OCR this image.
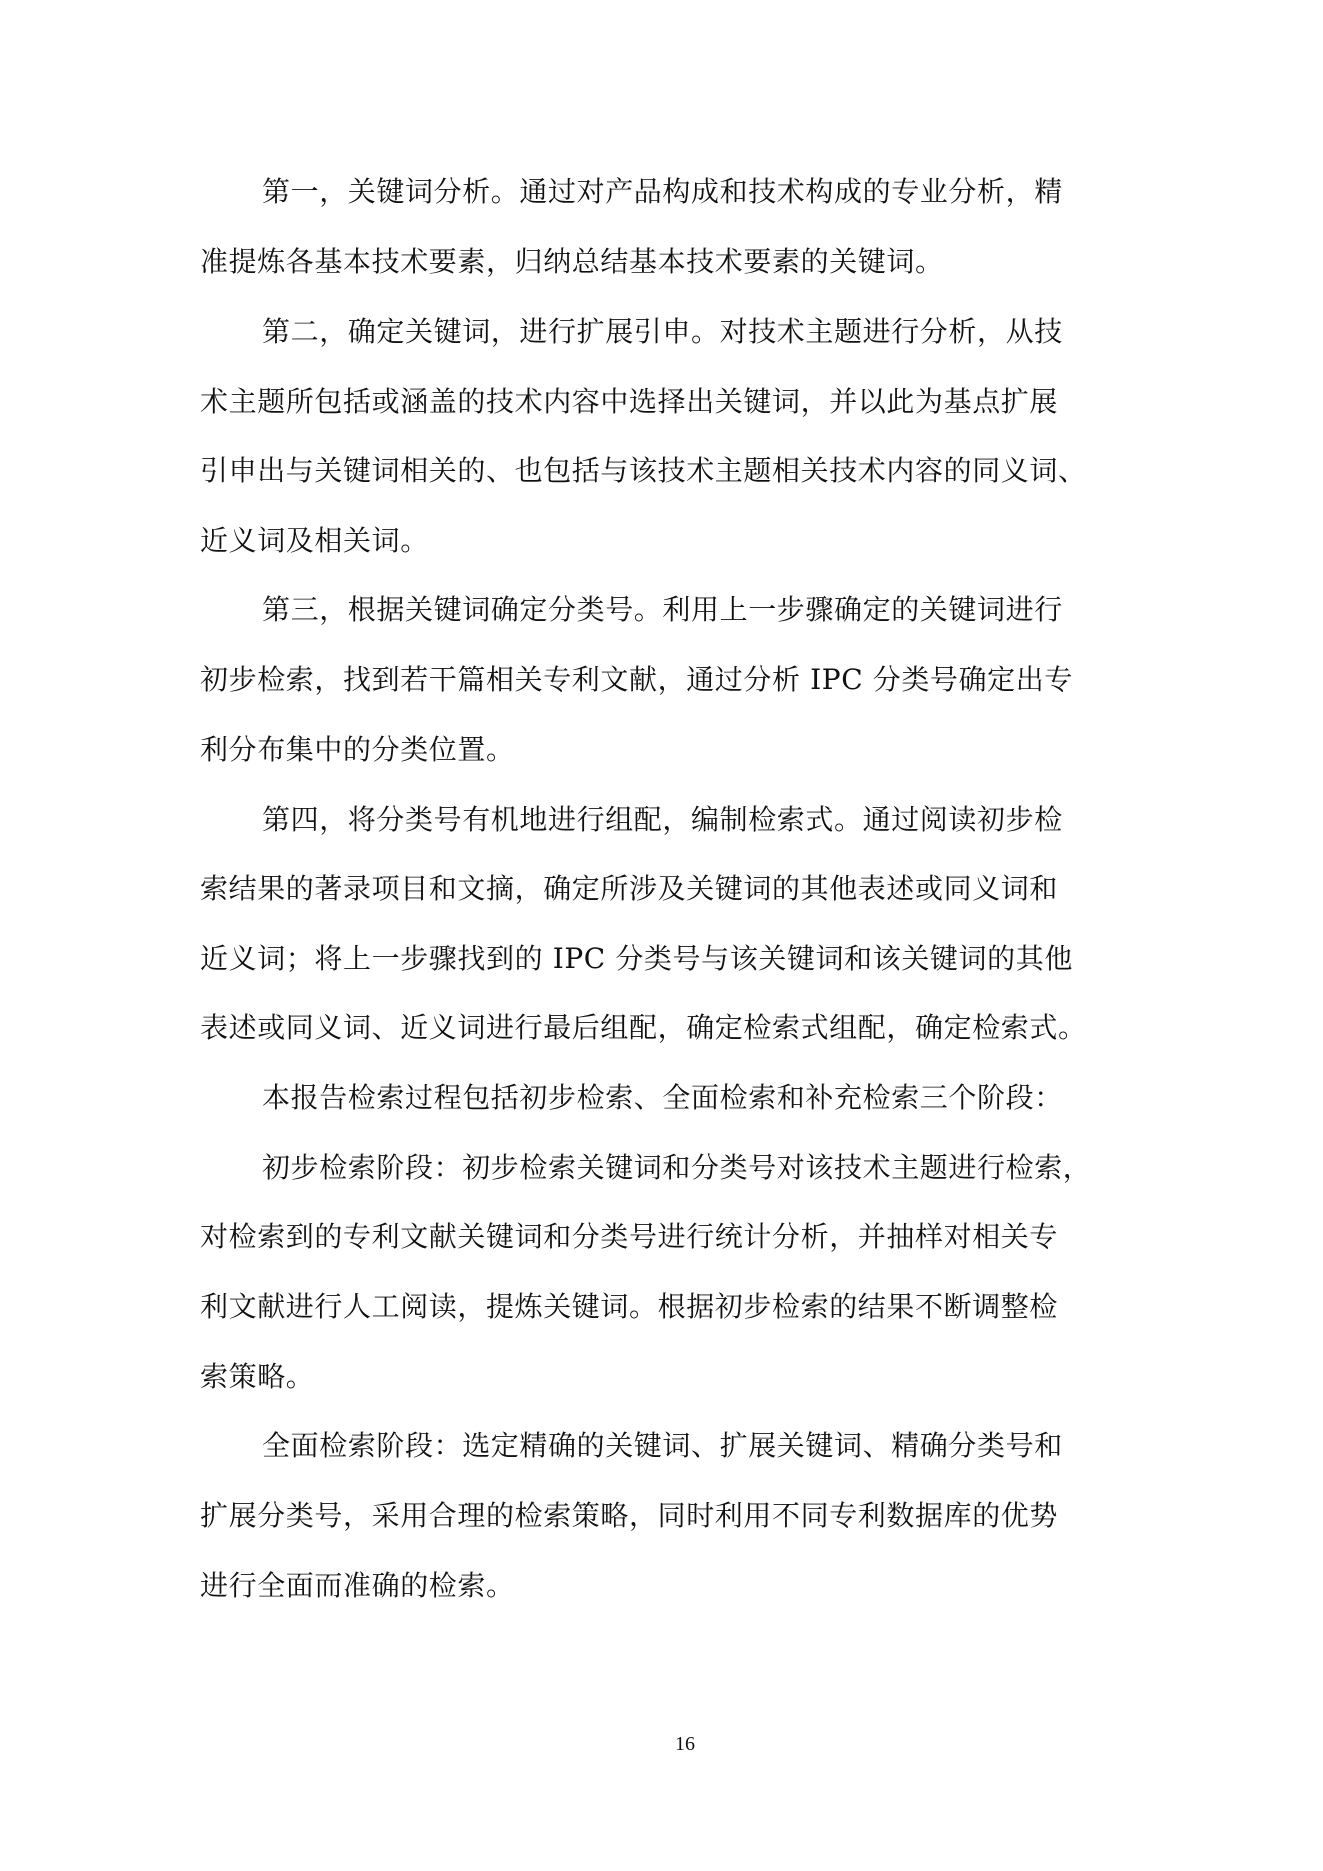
第一，关键词分析。通过对产品构成和技术构成的专业分析，精
准提炼各基本技术要素，归纳总结基本技术要素的关键词。
第二，确定关键词，进行扩展引申。对技术主题进行分析，从技
术主题所包括或涵盖的技术内容中选择出关键词，并以此为基点扩展
引申出与关键词相关的、也包括与该技术主题相关技术内容的同义词、
近义词及相关词。
第三，根据关键词确定分类号。利用上一步骤确定的关键词进行
初步检索，找到若干篇相关专利文献，通过分析 IPC 分类号确定出专
利分布集中的分类位置。
第四，将分类号有机地进行组配，编制检索式。通过阅读初步检
索结果的著录项目和文摘，确定所涉及关键词的其他表述或同义词和
近义词；将上一步骤找到的 IPC 分类号与该关键词和该关键词的其他
表述或同义词、近义词进行最后组配，确定检索式组配，确定检索式。
本报告检索过程包括初步检索、全面检索和补充检索三个阶段：
初步检索阶段：初步检索关键词和分类号对该技术主题进行检索，
对检索到的专利文献关键词和分类号进行统计分析，并抽样对相关专
利文献进行人工阅读，提炼关键词。根据初步检索的结果不断调整检
索策略。
全面检索阶段：选定精确的关键词、扩展关键词、精确分类号和
扩展分类号，采用合理的检索策略，同时利用不同专利数据库的优势
进行全面而准确的检索。
16
